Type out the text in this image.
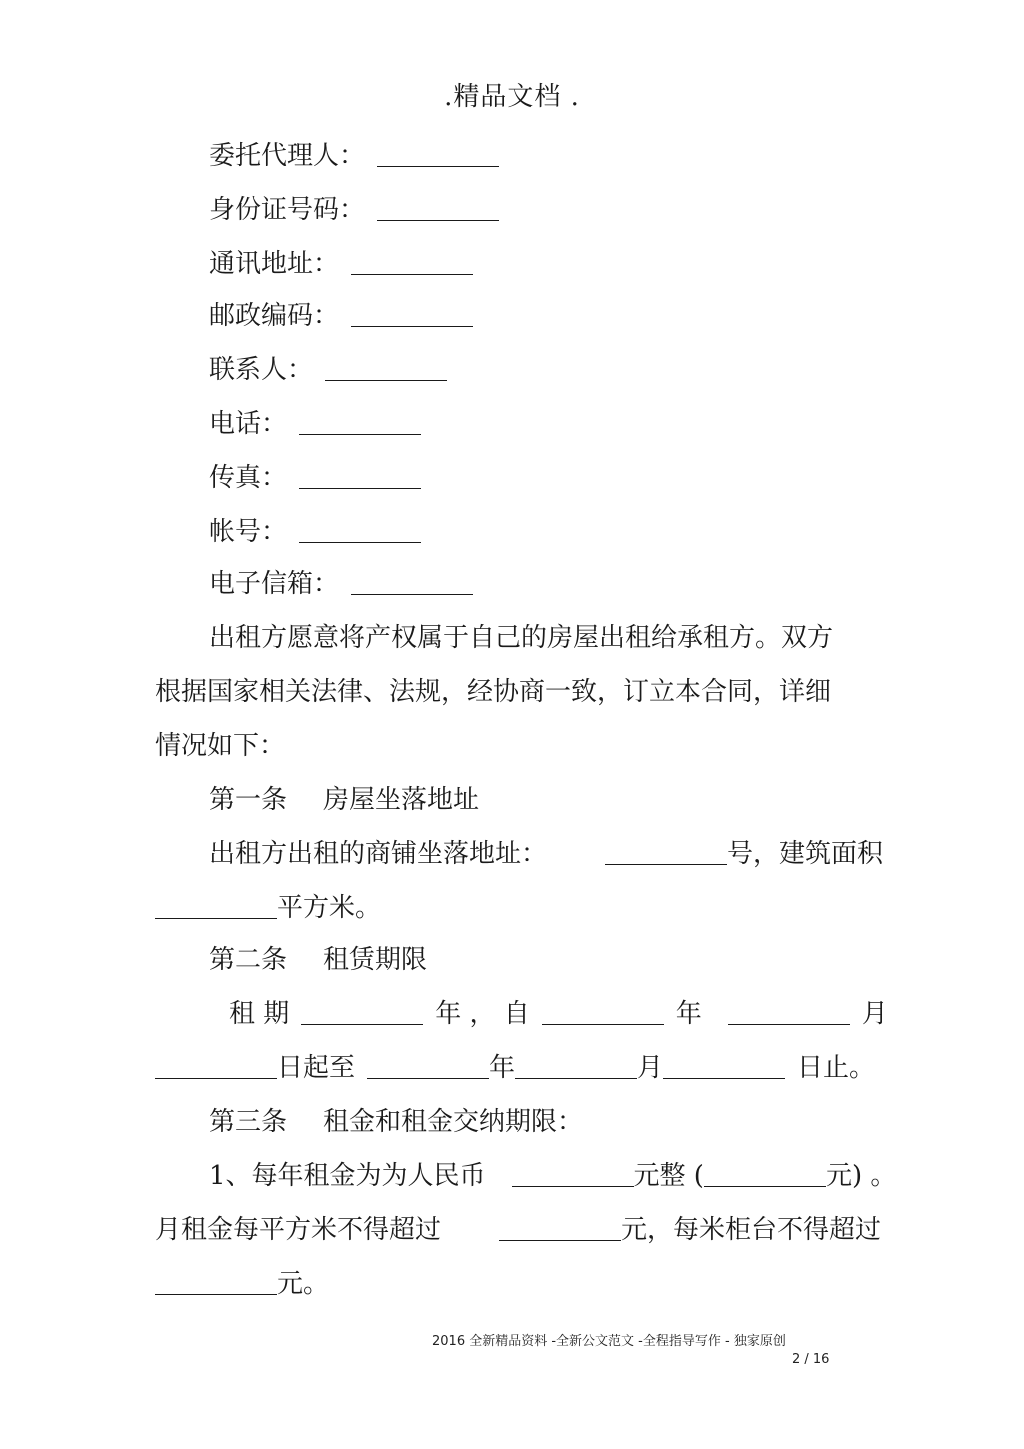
.精品文档 .
委托代理人：
身份证号码：
通讯地址：
邮政编码：
联系人：
电话：
传真：
帐号：
电子信箱：
出租方愿意将产权属于自己的房屋出租给承租方。双方
根据国家相关法律、法规，经协商一致，订立本合同，详细
情况如下：
第一条 房屋坐落地址
出租方出租的商铺坐落地址：	号，建筑面积
平方米。
第二条 租赁期限
租 期	年 ， 自	年	月
日起至	年	月	日止。
第三条 租金和租金交纳期限：
1、每年租金为为人民币	元整 (	元) 。
月租金每平方米不得超过	元，每米柜台不得超过
元。
2016 全新精品资料 -全新公文范文 -全程指导写作 - 独家原创
2 / 16
